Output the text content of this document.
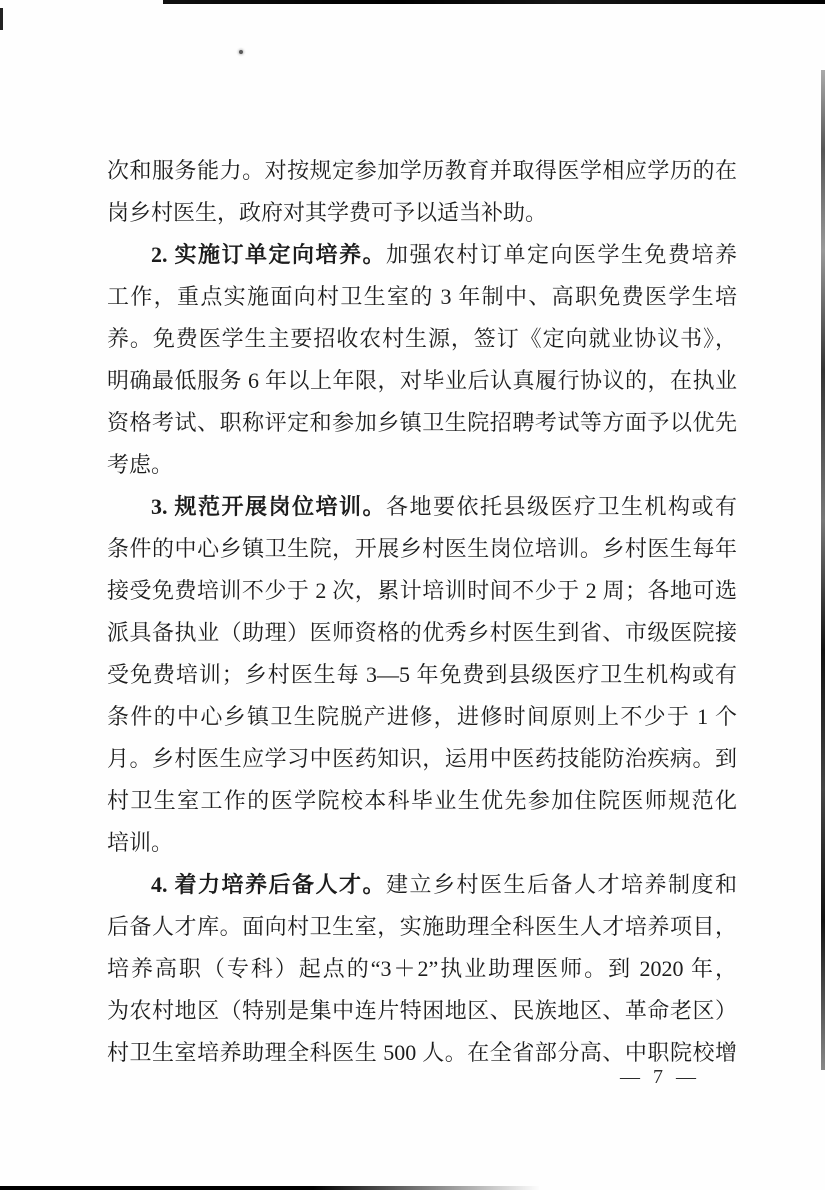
次和服务能力。对按规定参加学历教育并取得医学相应学历的在
岗乡村医生，政府对其学费可予以适当补助。
2. 实施订单定向培养。加强农村订单定向医学生免费培养
工作，重点实施面向村卫生室的 3 年制中、高职免费医学生培
养。免费医学生主要招收农村生源，签订《定向就业协议书》，
明确最低服务 6 年以上年限，对毕业后认真履行协议的，在执业
资格考试、职称评定和参加乡镇卫生院招聘考试等方面予以优先
考虑。
3. 规范开展岗位培训。各地要依托县级医疗卫生机构或有
条件的中心乡镇卫生院，开展乡村医生岗位培训。乡村医生每年
接受免费培训不少于 2 次，累计培训时间不少于 2 周；各地可选
派具备执业（助理）医师资格的优秀乡村医生到省、市级医院接
受免费培训；乡村医生每 3—5 年免费到县级医疗卫生机构或有
条件的中心乡镇卫生院脱产进修，进修时间原则上不少于 1 个
月。乡村医生应学习中医药知识，运用中医药技能防治疾病。到
村卫生室工作的医学院校本科毕业生优先参加住院医师规范化
培训。
4. 着力培养后备人才。建立乡村医生后备人才培养制度和
后备人才库。面向村卫生室，实施助理全科医生人才培养项目，
培养高职（专科）起点的“3＋2”执业助理医师。到 2020 年，
为农村地区（特别是集中连片特困地区、民族地区、革命老区）
村卫生室培养助理全科医生 500 人。在全省部分高、中职院校增
— 7 —
